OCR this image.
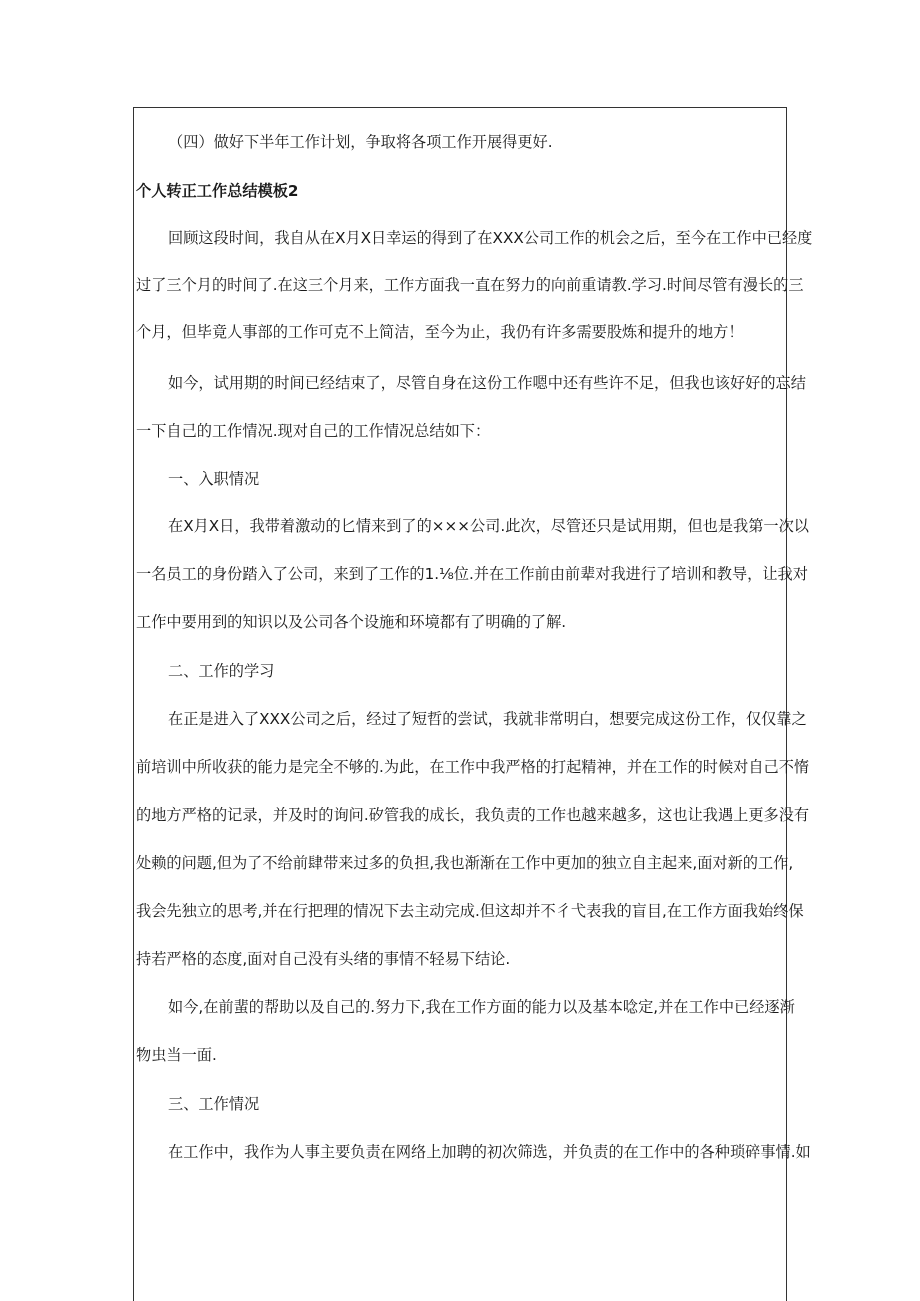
（四）做好下半年工作计划，争取将各项工作开展得更好.
个人转正工作总结模板2
回顾这段时间，我自从在X月X日幸运的得到了在XXX公司工作的机会之后，至今在工作中已经度
过了三个月的时间了.在这三个月来，工作方面我一直在努力的向前重请教.学习.时间尽管有漫长的三
个月，但毕竟人事部的工作可克不上简洁，至今为止，我仍有许多需要股炼和提升的地方！
如今，试用期的时间已经结束了，尽管自身在这份工作嗯中还有些许不足，但我也该好好的忘结
一下自己的工作情况.现对自己的工作情况总结如下：
一、入职情况
在X月X日，我带着激动的匕情来到了的×××公司.此次，尽管还只是试用期，但也是我第一次以
一名员工的身份踏入了公司，来到了工作的1.⅛位.并在工作前由前辈对我进行了培训和教导，让我对
工作中要用到的知识以及公司各个设施和环境都有了明确的了解.
二、工作的学习
在正是进入了XXX公司之后，经过了短哲的尝试，我就非常明白，想要完成这份工作，仅仅靠之
前培训中所收获的能力是完全不够的.为此，在工作中我严格的打起精神，并在工作的时候对自己不惰
的地方严格的记录，并及时的询问.矽管我的成长，我负责的工作也越来越多，这也让我遇上更多没有
处赖的问题,但为了不给前肆带来过多的负担,我也渐渐在工作中更加的独立自主起来,面对新的工作,
我会先独立的思考,并在行把理的情况下去主动完成.但这却并不彳弋表我的盲目,在工作方面我始终保
持若严格的态度,面对自己没有头绪的事情不轻易下结论.
如今,在前蜚的帮助以及自己的.努力下,我在工作方面的能力以及基本唸定,并在工作中已经逐渐
物虫当一面.
三、工作情况
在工作中，我作为人事主要负责在网络上加聘的初次筛选，并负责的在工作中的各种琐碎事情.如
